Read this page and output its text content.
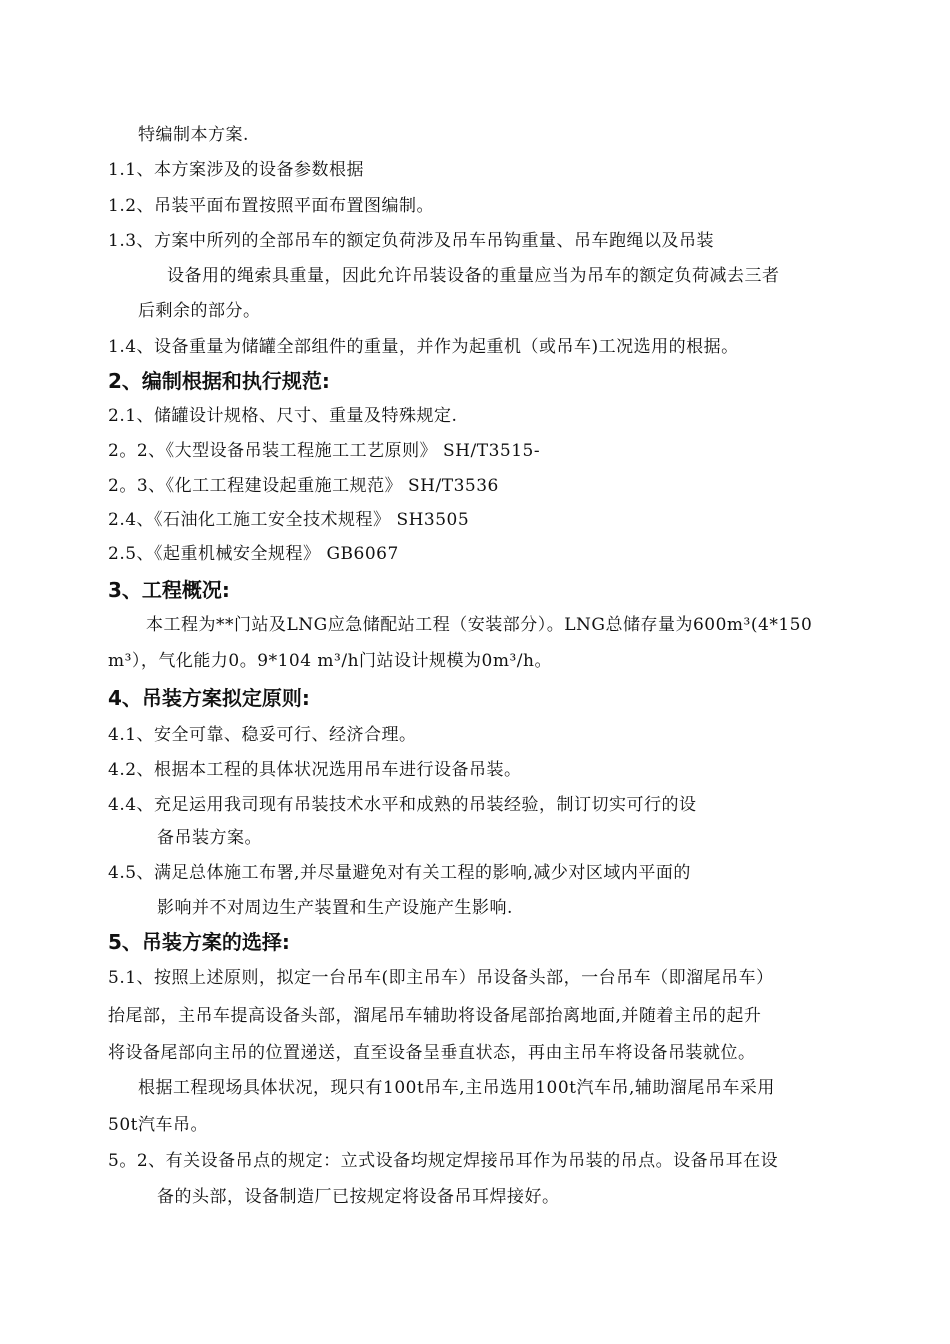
特编制本方案.
1.1、本方案涉及的设备参数根据
1.2、吊装平面布置按照平面布置图编制。
1.3、方案中所列的全部吊车的额定负荷涉及吊车吊钩重量、吊车跑绳以及吊装
设备用的绳索具重量，因此允许吊装设备的重量应当为吊车的额定负荷减去三者
后剩余的部分。
1.4、设备重量为储罐全部组件的重量，并作为起重机（或吊车)工况选用的根据。
2、编制根据和执行规范:
2.1、储罐设计规格、尺寸、重量及特殊规定.
2。2、《大型设备吊装工程施工工艺原则》 SH/T3515-
2。3、《化工工程建设起重施工规范》 SH/T3536
2.4、《石油化工施工安全技术规程》 SH3505
2.5、《起重机械安全规程》 GB6067
3、工程概况:
本工程为**门站及LNG应急储配站工程（安装部分）。LNG总储存量为600m³(4*150
m³），气化能力0。9*104 m³/h门站设计规模为0m³/h。
4、吊装方案拟定原则:
4.1、安全可靠、稳妥可行、经济合理。
4.2、根据本工程的具体状况选用吊车进行设备吊装。
4.4、充足运用我司现有吊装技术水平和成熟的吊装经验，制订切实可行的设
备吊装方案。
4.5、满足总体施工布署,并尽量避免对有关工程的影响,减少对区域内平面的
影响并不对周边生产装置和生产设施产生影响.
5、吊装方案的选择:
5.1、按照上述原则，拟定一台吊车(即主吊车）吊设备头部，一台吊车（即溜尾吊车）
抬尾部，主吊车提高设备头部，溜尾吊车辅助将设备尾部抬离地面,并随着主吊的起升
将设备尾部向主吊的位置递送，直至设备呈垂直状态，再由主吊车将设备吊装就位。
根据工程现场具体状况，现只有100t吊车,主吊选用100t汽车吊,辅助溜尾吊车采用
50t汽车吊。
5。2、有关设备吊点的规定：立式设备均规定焊接吊耳作为吊装的吊点。设备吊耳在设
备的头部，设备制造厂已按规定将设备吊耳焊接好。
